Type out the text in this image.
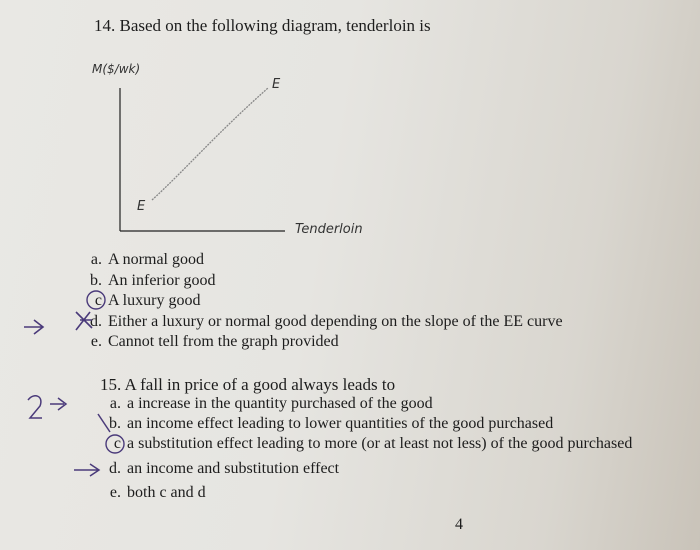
14. Based on the following diagram, tenderloin is
M($/wk)
Tenderloin
E
E
a. A normal good
b. An inferior good
c A luxury good
d. Either a luxury or normal good depending on the slope of the EE curve
e. Cannot tell from the graph provided
15. A fall in price of a good always leads to
a. a increase in the quantity purchased of the good
b. an income effect leading to lower quantities of the good purchased
c a substitution effect leading to more (or at least not less) of the good purchased
d. an income and substitution effect
e. both c and d
4
